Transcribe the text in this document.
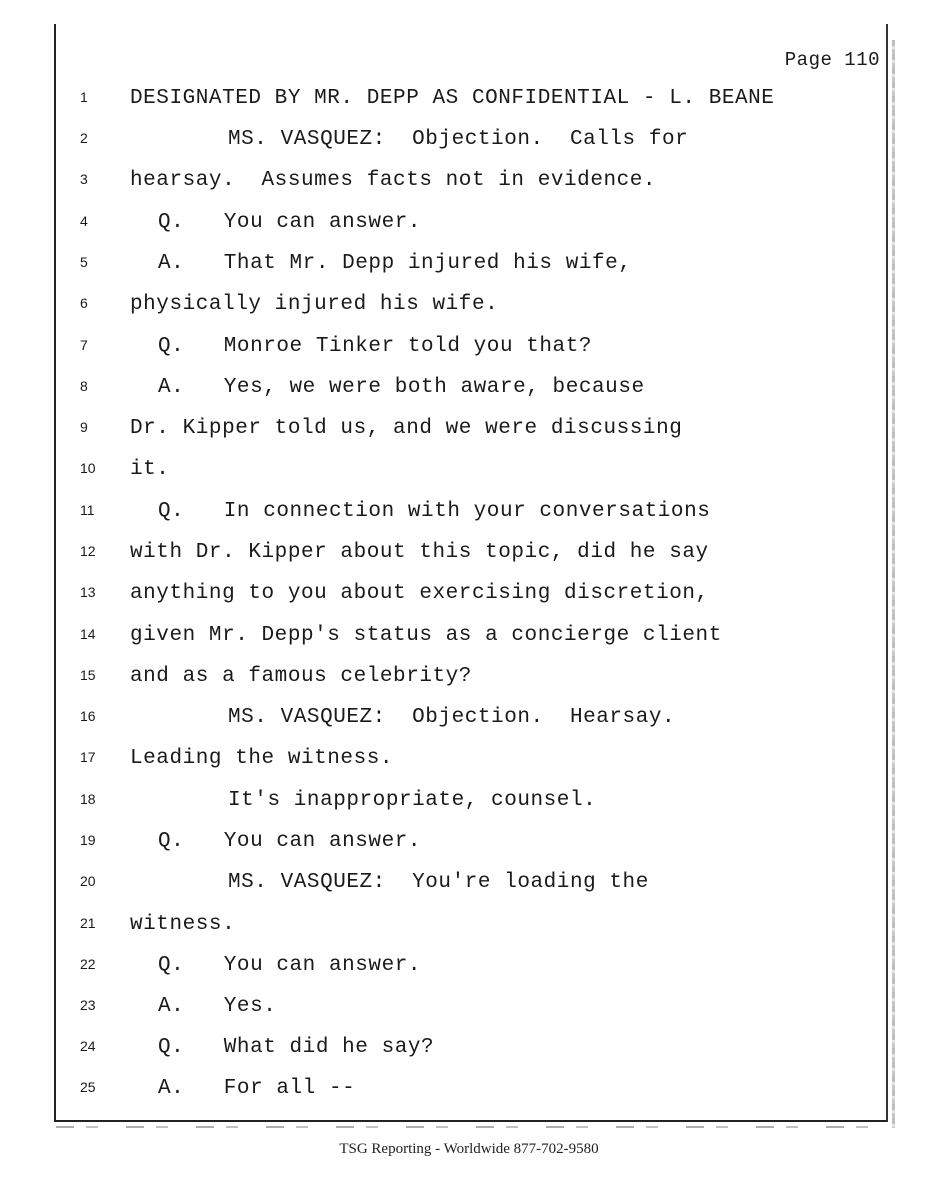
Page 110
1	DESIGNATED BY MR. DEPP AS CONFIDENTIAL - L. BEANE
2	MS. VASQUEZ:  Objection.  Calls for
3	hearsay.  Assumes facts not in evidence.
4	Q.   You can answer.
5	A.   That Mr. Depp injured his wife,
6	physically injured his wife.
7	Q.   Monroe Tinker told you that?
8	A.   Yes, we were both aware, because
9	Dr. Kipper told us, and we were discussing
10	it.
11	Q.   In connection with your conversations
12	with Dr. Kipper about this topic, did he say
13	anything to you about exercising discretion,
14	given Mr. Depp's status as a concierge client
15	and as a famous celebrity?
16	MS. VASQUEZ:  Objection.  Hearsay.
17	Leading the witness.
18	It's inappropriate, counsel.
19	Q.   You can answer.
20	MS. VASQUEZ:  You're loading the
21	witness.
22	Q.   You can answer.
23	A.   Yes.
24	Q.   What did he say?
25	A.   For all --
TSG Reporting - Worldwide 877-702-9580
